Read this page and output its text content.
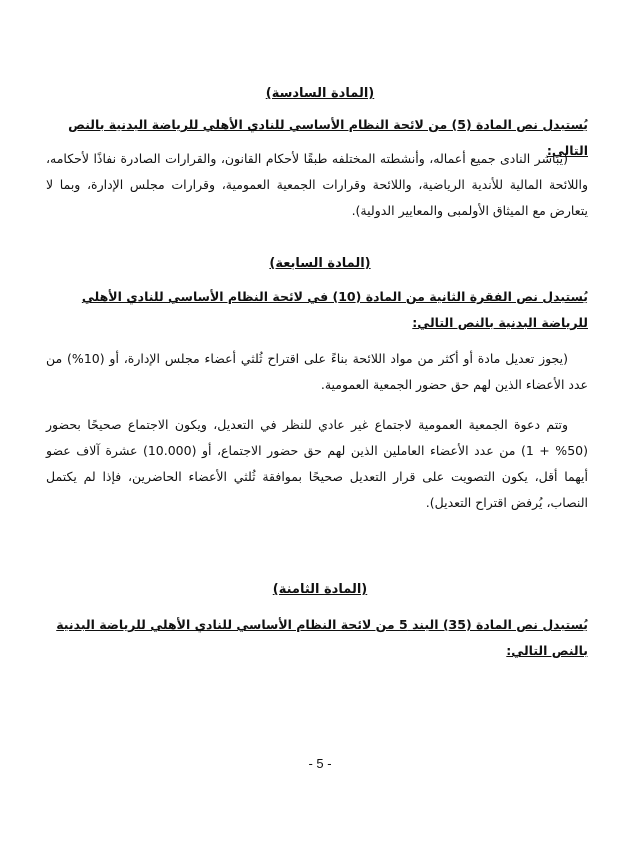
(المادة السادسة)
يُستبدل نص المادة (5) من لائحة النظام الأساسي للنادي الأهلي للرياضة البدنية بالنص التالي:
(يباشر النادى جميع أعماله، وأنشطته المختلفه طبقًا لأحكام القانون، والقرارات الصادرة نفاذًا لأحكامه، واللائحة المالية للأندية الرياضية، واللائحة وقرارات الجمعية العمومية، وقرارات مجلس الإدارة، وبما لا يتعارض مع الميثاق الأولمبى والمعايير الدولية).
(المادة السابعة)
يُستبدل نص الفقرة الثانية من المادة (10) في لائحة النظام الأساسي للنادي الأهلي للرياضة البدنية بالنص التالي:
(يجوز تعديل مادة أو أكثر من مواد اللائحة بناءً على اقتراح ثُلثي أعضاء مجلس الإدارة، أو (10%) من عدد الأعضاء الذين لهم حق حضور الجمعية العمومية.
وتتم دعوة الجمعية العمومية لاجتماع غير عادي للنظر في التعديل، ويكون الاجتماع صحيحًا بحضور (50% + 1) من عدد الأعضاء العاملين الذين لهم حق حضور الاجتماع، أو (10.000) عشرة آلاف عضو أيهما أقل، يكون التصويت على قرار التعديل صحيحًا بموافقة ثُلثي الأعضاء الحاضرين، فإذا لم يكتمل النصاب، يُرفض اقتراح التعديل).
(المادة الثامنة)
يُستبدل نص المادة (35) البند 5 من لائحة النظام الأساسي للنادي الأهلي للرياضة البدنية بالنص التالي:
- 5 -
